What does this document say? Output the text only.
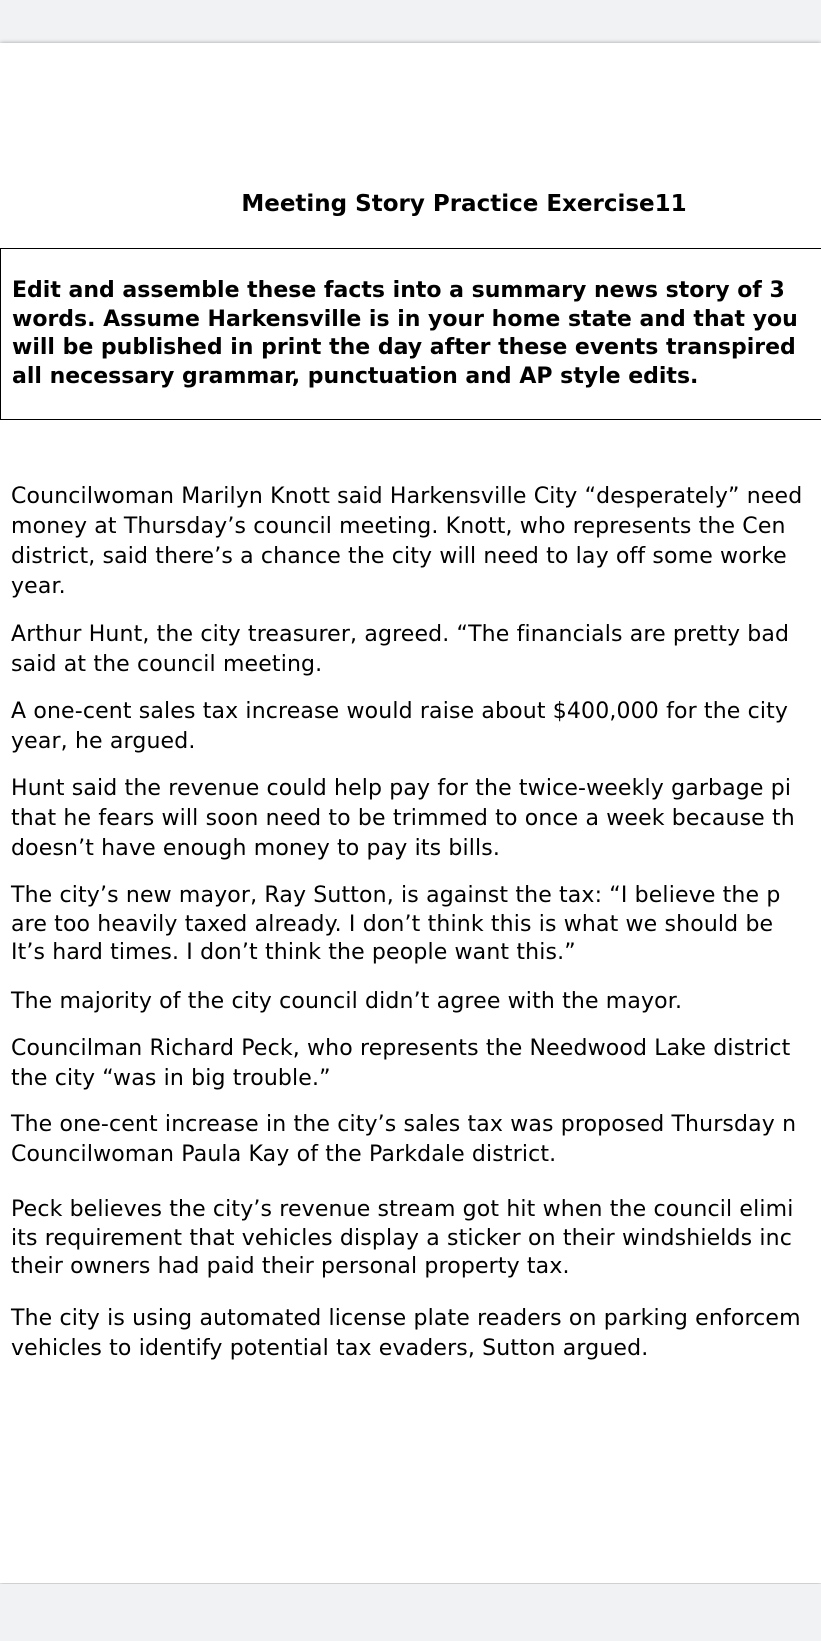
Meeting Story Practice Exercise11

Edit and assemble these facts into a summary news story of 3

words. Assume Harkensville is in your home state and that you

will be published in print the day after these events transpired

all necessary grammar, punctuation and AP style edits.

Councilwoman Marilyn Knott said Harkensville City “desperately” need
money at Thursday’s council meeting. Knott, who represents the Cen
district, said there’s a chance the city will need to lay off some worke
year.
Arthur Hunt, the city treasurer, agreed. “The financials are pretty bad
said at the council meeting.
A one-cent sales tax increase would raise about $400,000 for the city
year, he argued.
Hunt said the revenue could help pay for the twice-weekly garbage pi
that he fears will soon need to be trimmed to once a week because th
doesn’t have enough money to pay its bills.
The city’s new mayor, Ray Sutton, is against the tax: “I believe the p
are too heavily taxed already. I don’t think this is what we should be
It’s hard times. I don’t think the people want this.”
The majority of the city council didn’t agree with the mayor.
Councilman Richard Peck, who represents the Needwood Lake district
the city “was in big trouble.”
The one-cent increase in the city’s sales tax was proposed Thursday n
Councilwoman Paula Kay of the Parkdale district.
Peck believes the city’s revenue stream got hit when the council elimi
its requirement that vehicles display a sticker on their windshields inc
their owners had paid their personal property tax.
The city is using automated license plate readers on parking enforcem
vehicles to identify potential tax evaders, Sutton argued.
